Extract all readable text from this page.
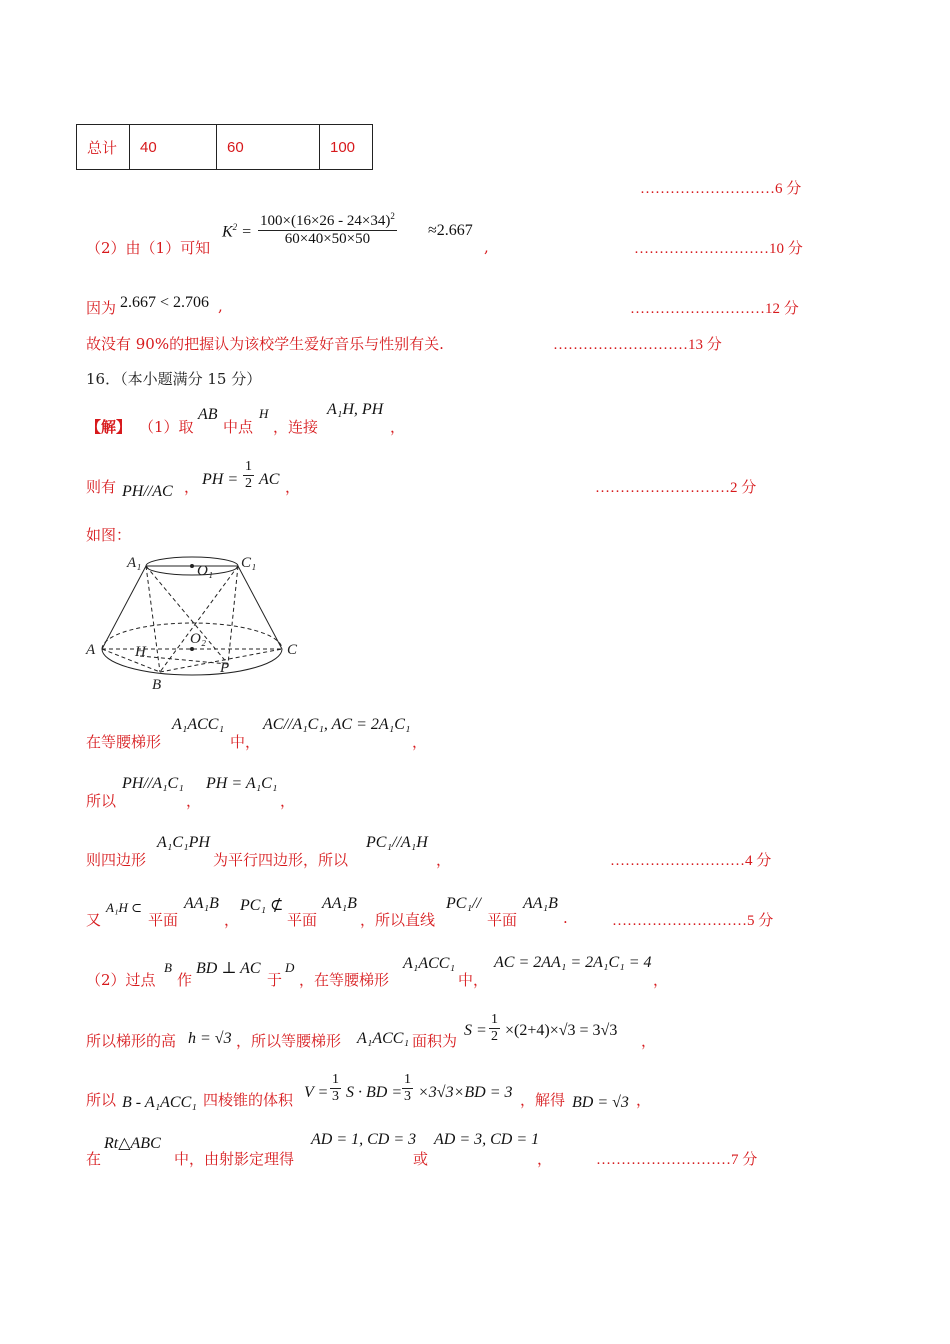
总计	40	60	100
………………………6 分
（2）由（1）可知
$K^2 = \frac{100\times(16\times 26 - 24\times 34)^2}{60\times 40\times 50\times 50} \approx 2.667$
,	………………………10 分
因为 2.667 < 2.706 ,	………………………12 分
故没有 90%的把握认为该校学生爱好音乐与性别有关.	………………………13 分
16．（本小题满分 15 分）
【解】 （1）取
AB
中点
H
，连接
A₁H, PH
，
则有 PH//AC ， PH = $\frac{1}{2}$ AC ，	………………………2 分
如图：
A₁	C₁
O₁
O₂
A	C
H
P
B
在等腰梯形
A₁ACC₁
中，
AC//A₁C₁, AC = 2A₁C₁
，
所以
PH//A₁C₁
，
PH = A₁C₁
，
则四边形
A₁C₁PH
为平行四边形，所以
PC₁//A₁H
，	………………………4 分
又
A₁H ⊂
平面
AA₁B
，
PC₁ ⊄
平面
AA₁B
，所以直线
PC₁//
平面
AA₁B
.	………………………5 分
（2）过点
B
作
BD ⊥ AC
于
D
，在等腰梯形
A₁ACC₁
中，
AC = 2AA₁ = 2A₁C₁ = 4
，
所以梯形的高 h = √3 ，所以等腰梯形 A₁ACC₁ 面积为
$S = \frac{1}{2} \times(2+4)\times√3 = 3√3$
，
所以 B - A₁ACC₁ 四棱锥的体积 $V = \frac{1}{3}$ S · BD = $\frac{1}{3} \times 3√3\times BD = 3$ ，解得 BD = √3 ，
在
Rt△ABC
中，由射影定理得
AD = 1, CD = 3
或
AD = 3, CD = 1
，	………………………7 分
